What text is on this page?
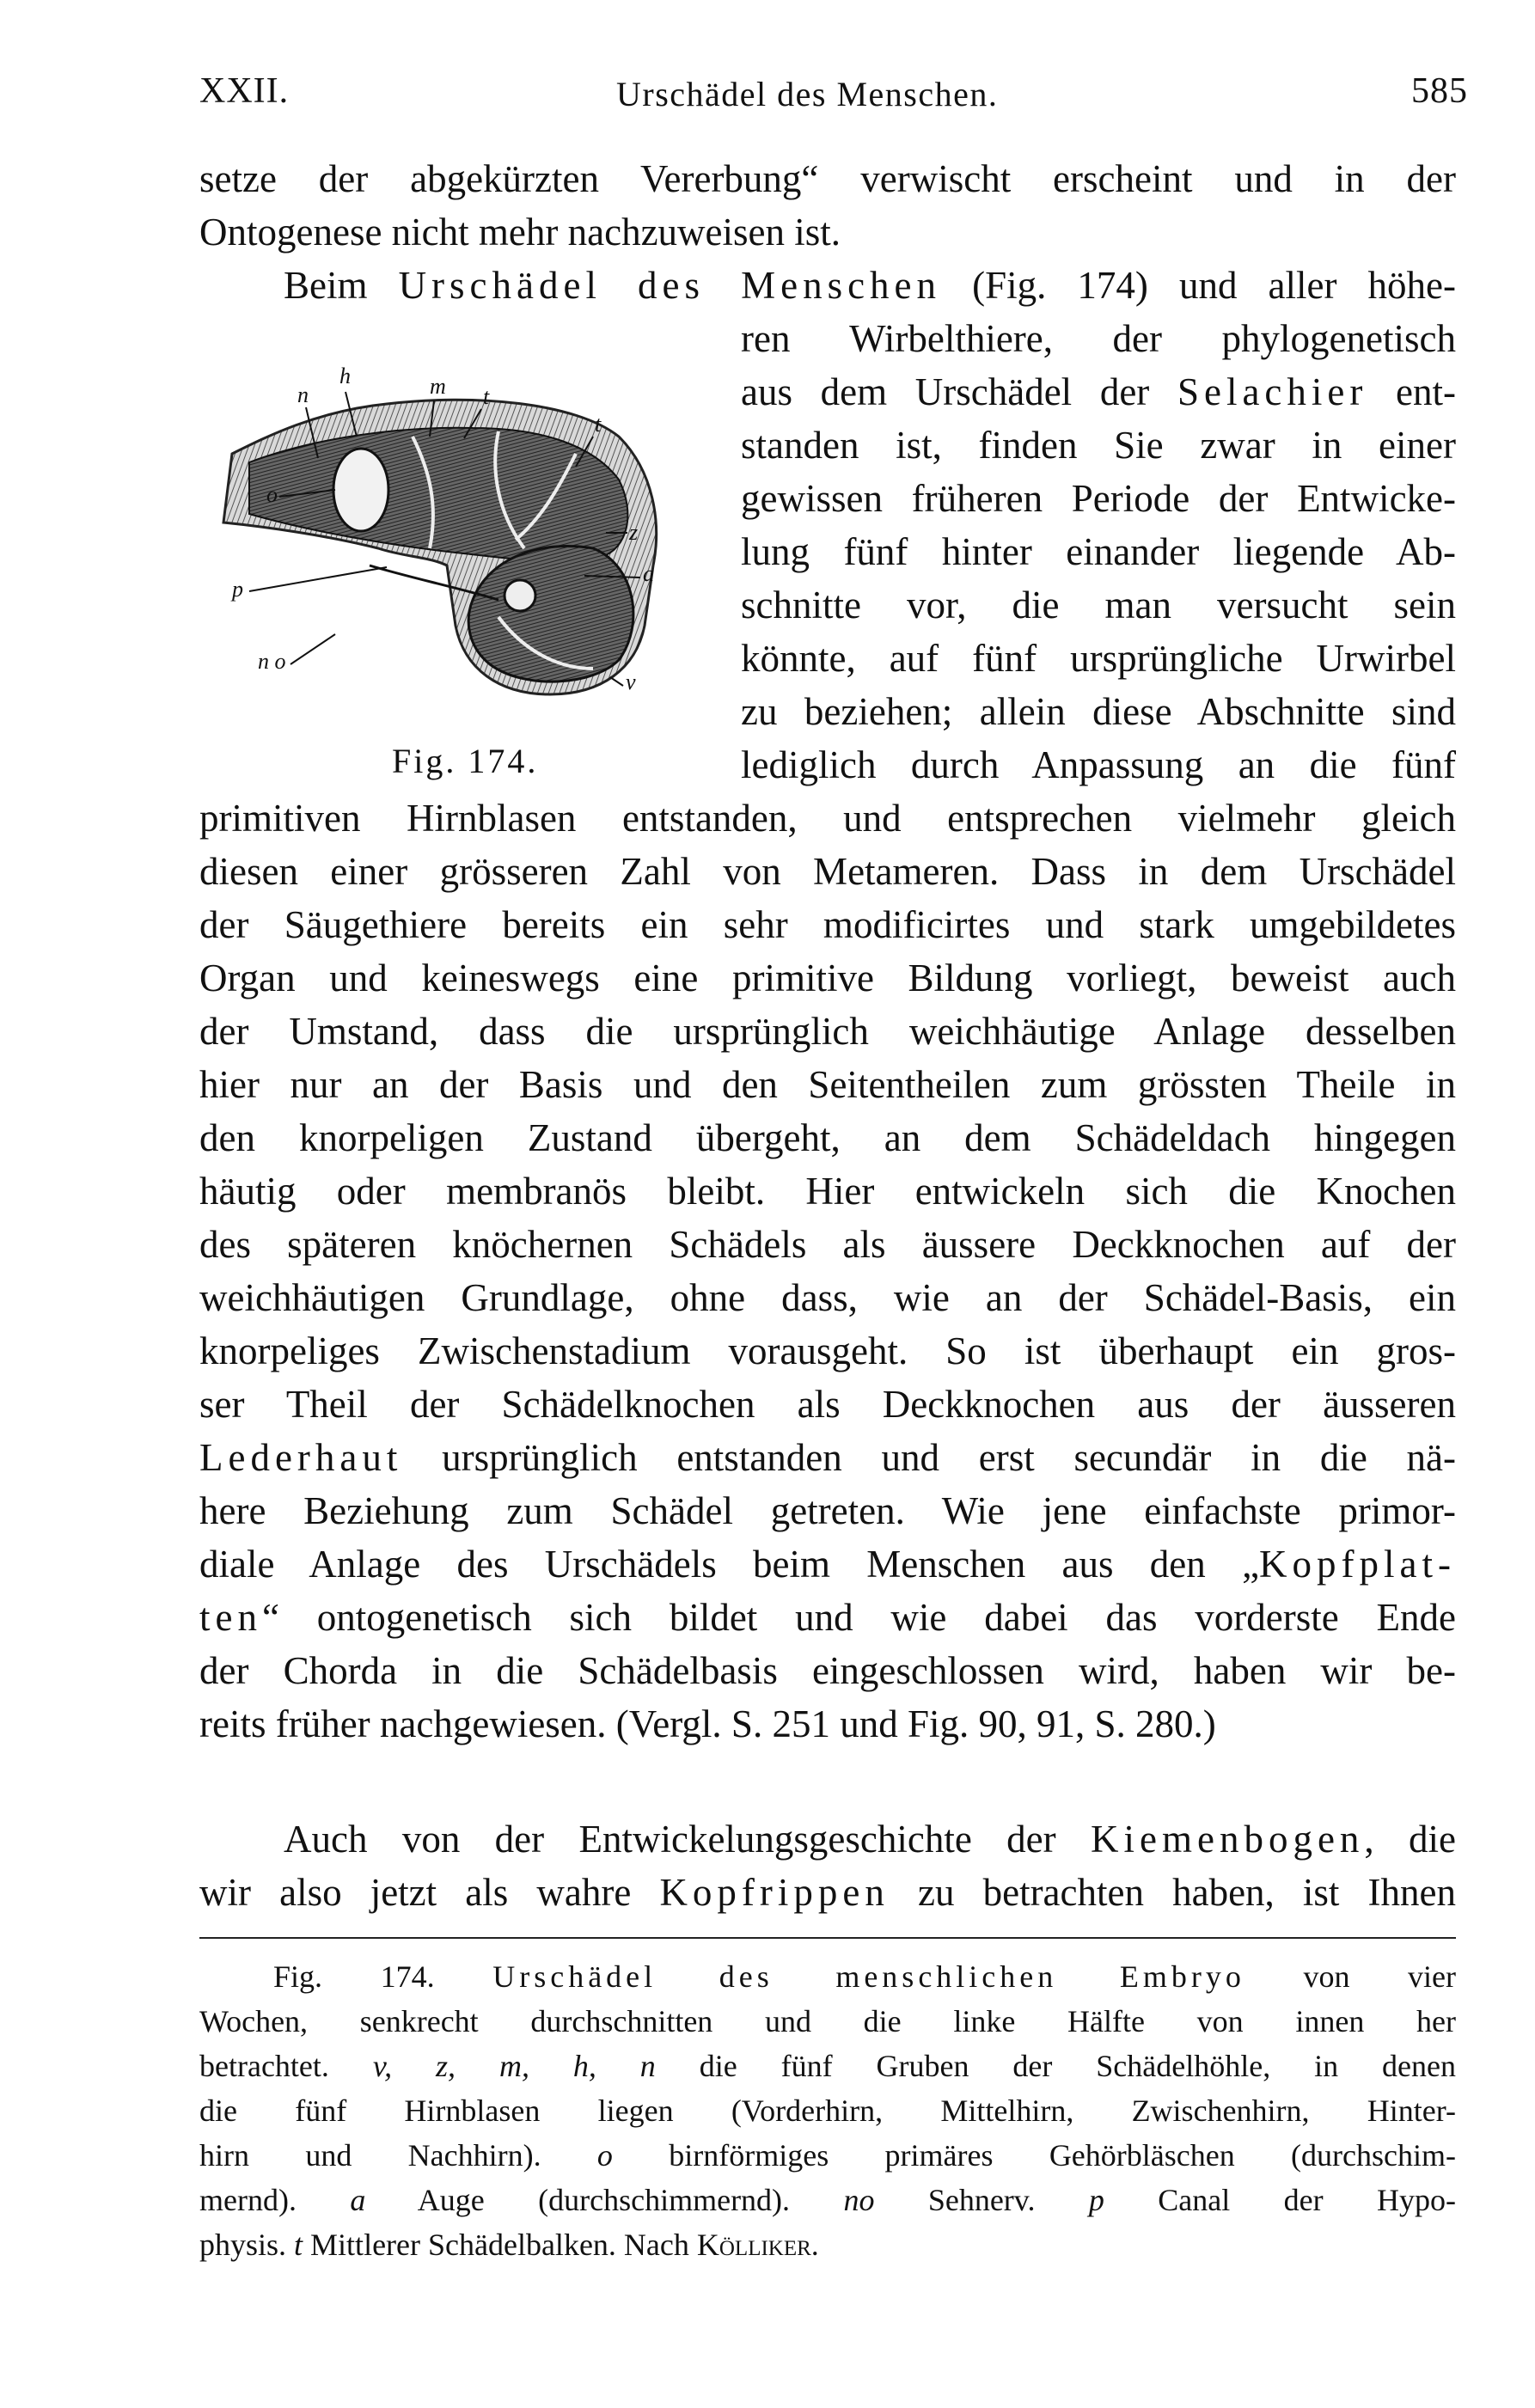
XXII.	Urschädel des Menschen.	585
setze der abgekürzten Vererbung“ verwischt erscheint und in der
Ontogenese nicht mehr nachzuweisen ist.
Beim Urschädel des Menschen (Fig. 174) und aller höhe-
ren Wirbelthiere, der phylogenetisch
aus dem Urschädel der Selachier ent-
standen ist, finden Sie zwar in einer
gewissen früheren Periode der Entwicke-
lung fünf hinter einander liegende Ab-
schnitte vor, die man versucht sein
könnte, auf fünf ursprüngliche Urwirbel
zu beziehen; allein diese Abschnitte sind
lediglich durch Anpassung an die fünf
primitiven Hirnblasen entstanden, und entsprechen vielmehr gleich
diesen einer grösseren Zahl von Metameren. Dass in dem Urschädel
der Säugethiere bereits ein sehr modificirtes und stark umgebildetes
Organ und keineswegs eine primitive Bildung vorliegt, beweist auch
der Umstand, dass die ursprünglich weichhäutige Anlage desselben
hier nur an der Basis und den Seitentheilen zum grössten Theile in
den knorpeligen Zustand übergeht, an dem Schädeldach hingegen
häutig oder membranös bleibt. Hier entwickeln sich die Knochen
des späteren knöchernen Schädels als äussere Deckknochen auf der
weichhäutigen Grundlage, ohne dass, wie an der Schädel-Basis, ein
knorpeliges Zwischenstadium vorausgeht. So ist überhaupt ein gros-
ser Theil der Schädelknochen als Deckknochen aus der äusseren
Lederhaut ursprünglich entstanden und erst secundär in die nä-
here Beziehung zum Schädel getreten. Wie jene einfachste primor-
diale Anlage des Urschädels beim Menschen aus den „Kopfplat-
ten“ ontogenetisch sich bildet und wie dabei das vorderste Ende
der Chorda in die Schädelbasis eingeschlossen wird, haben wir be-
reits früher nachgewiesen. (Vergl. S. 251 und Fig. 90, 91, S. 280.)
Auch von der Entwickelungsgeschichte der Kiemenbogen, die
wir also jetzt als wahre Kopfrippen zu betrachten haben, ist Ihnen
n
h	m t
t
o
z
a
p
n o
v
Fig. 174.
Fig. 174. Urschädel des menschlichen Embryo von vier
Wochen, senkrecht durchschnitten und die linke Hälfte von innen her
betrachtet. v, z, m, h, n die fünf Gruben der Schädelhöhle, in denen
die fünf Hirnblasen liegen (Vorderhirn, Mittelhirn, Zwischenhirn, Hinter-
hirn und Nachhirn). o birnförmiges primäres Gehörbläschen (durchschim-
mernd). a Auge (durchschimmernd). no Sehnerv. p Canal der Hypo-
physis. t Mittlerer Schädelbalken. Nach Kölliker.
